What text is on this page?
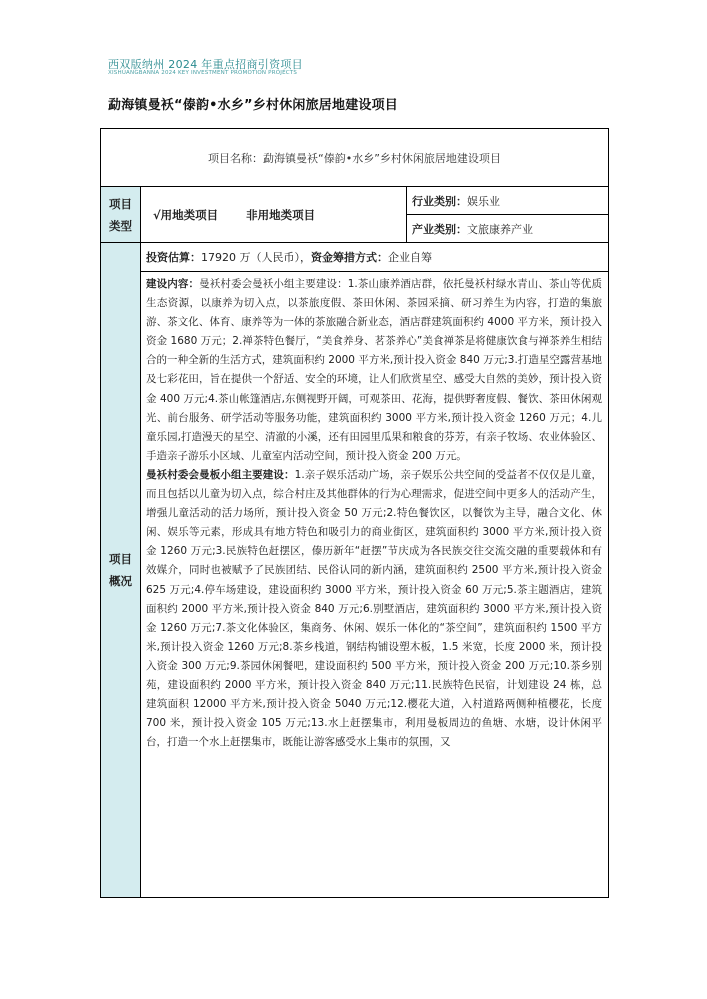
西双版纳州 2024 年重点招商引资项目
XISHUANGBANNA 2024 KEY INVESTMENT PROMOTION PROJECTS
勐海镇曼袄“傣韵•水乡”乡村休闲旅居地建设项目
项目名称： 勐海镇曼袄“傣韵•水乡”乡村休闲旅居地建设项目
项目
类型
√用地类项目 非用地类项目
行业类别： 娱乐业
产业类别： 文旅康养产业
项目
概况
投资估算： 17920 万（人民币）， 资金筹措方式： 企业自筹

建设内容：曼袄村委会曼袄小组主要建设：1.茶山康养酒店群，依托曼袄村绿水青山、茶山等优质生态资源，以康养为切入点，以茶旅度假、茶田休闲、茶园采摘、研习养生为内容，打造的集旅游、茶文化、体育、康养等为一体的茶旅融合新业态，酒店群建筑面积约 4000 平方米，预计投入资金 1680 万元；2.禅茶特色餐厅，“美食养身、茗茶养心”美食禅茶是将健康饮食与禅茶养生相结合的一种全新的生活方式，建筑面积约 2000 平方米,预计投入资金 840 万元;3.打造星空露营基地及七彩花田，旨在提供一个舒适、安全的环境，让人们欣赏星空、感受大自然的美妙，预计投入资金 400 万元;4.茶山帐篷酒店,东侧视野开阔，可观茶田、花海，提供野奢度假、餐饮、茶田休闲观光、前台服务、研学活动等服务功能，建筑面积约 3000 平方米,预计投入资金 1260 万元；4.儿童乐园,打造漫天的星空、清澈的小溪，还有田园里瓜果和粮食的芬芳，有亲子牧场、农业体验区、手造亲子游乐小区域、儿童室内活动空间，预计投入资金 200 万元。

曼袄村委会曼板小组主要建设：1.亲子娱乐活动广场，亲子娱乐公共空间的受益者不仅仅是儿童，而且包括以儿童为切入点，综合村庄及其他群体的行为心理需求，促进空间中更多人的活动产生，增强儿童活动的活力场所，预计投入资金 50 万元;2.特色餐饮区，以餐饮为主导，融合文化、休闲、娱乐等元素，形成具有地方特色和吸引力的商业街区，建筑面积约 3000 平方米,预计投入资金 1260 万元;3.民族特色赶摆区，傣历新年“赶摆”节庆成为各民族交往交流交融的重要载体和有效媒介，同时也被赋予了民族团结、民俗认同的新内涵，建筑面积约 2500 平方米,预计投入资金 625 万元;4.停车场建设，建设面积约 3000 平方米，预计投入资金 60 万元;5.茶主题酒店，建筑面积约 2000 平方米,预计投入资金 840 万元;6.别墅酒店，建筑面积约 3000 平方米,预计投入资金 1260 万元;7.茶文化体验区，集商务、休闲、娱乐一体化的“茶空间”，建筑面积约 1500 平方米,预计投入资金 1260 万元;8.茶乡栈道，钢结构铺设塑木板，1.5 米宽，长度 2000 米，预计投入资金 300 万元;9.茶园休闲餐吧，建设面积约 500 平方米，预计投入资金 200 万元;10.茶乡别苑，建设面积约 2000 平方米，预计投入资金 840 万元;11.民族特色民宿，计划建设 24 栋，总建筑面积 12000 平方米,预计投入资金 5040 万元;12.樱花大道，入村道路两侧种植樱花，长度 700 米，预计投入资金 105 万元;13.水上赶摆集市，利用曼板周边的鱼塘、水塘，设计休闲平台，打造一个水上赶摆集市，既能让游客感受水上集市的氛围，又
